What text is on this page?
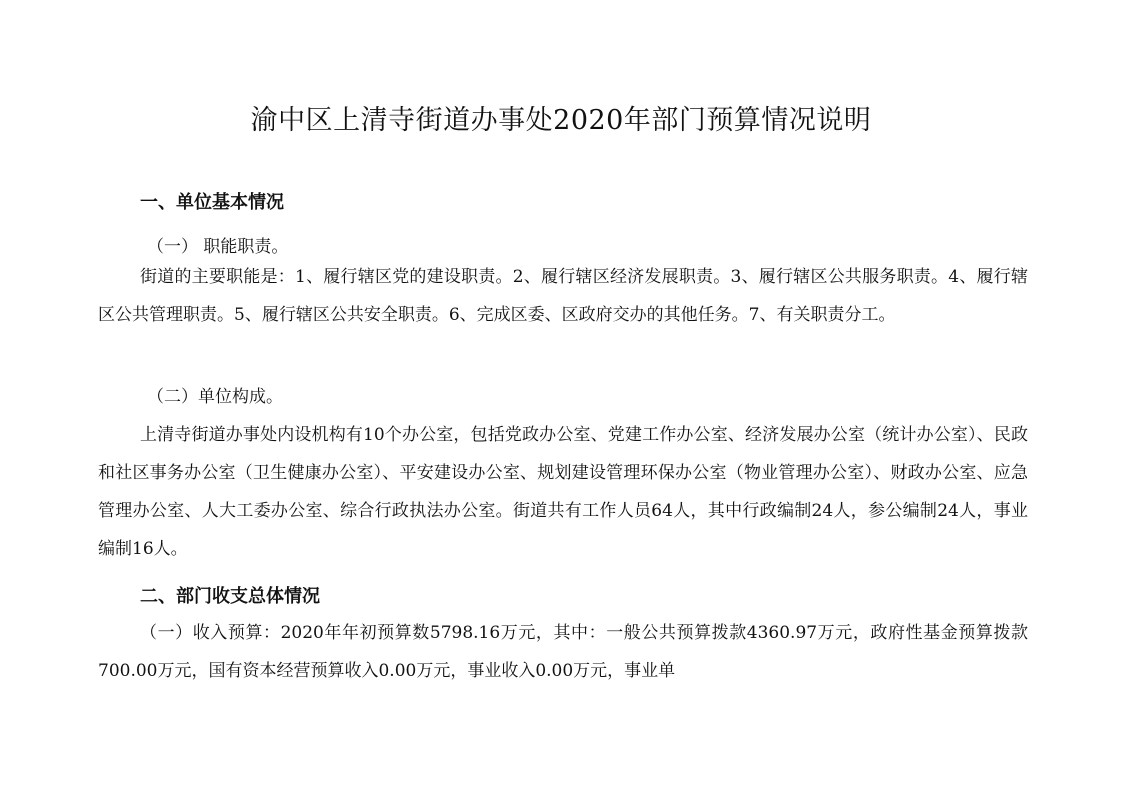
渝中区上清寺街道办事处2020年部门预算情况说明
一、单位基本情况
（一） 职能职责。
街道的主要职能是：1、履行辖区党的建设职责。2、履行辖区经济发展职责。3、履行辖区公共服务职责。4、履行辖区公共管理职责。5、履行辖区公共安全职责。6、完成区委、区政府交办的其他任务。7、有关职责分工。
（二）单位构成。
上清寺街道办事处内设机构有10个办公室，包括党政办公室、党建工作办公室、经济发展办公室（统计办公室）、民政和社区事务办公室（卫生健康办公室）、平安建设办公室、规划建设管理环保办公室（物业管理办公室）、财政办公室、应急管理办公室、人大工委办公室、综合行政执法办公室。街道共有工作人员64人，其中行政编制24人，参公编制24人，事业编制16人。
二、部门收支总体情况
（一）收入预算：2020年年初预算数5798.16万元，其中：一般公共预算拨款4360.97万元，政府性基金预算拨款700.00万元，国有资本经营预算收入0.00万元，事业收入0.00万元，事业单
